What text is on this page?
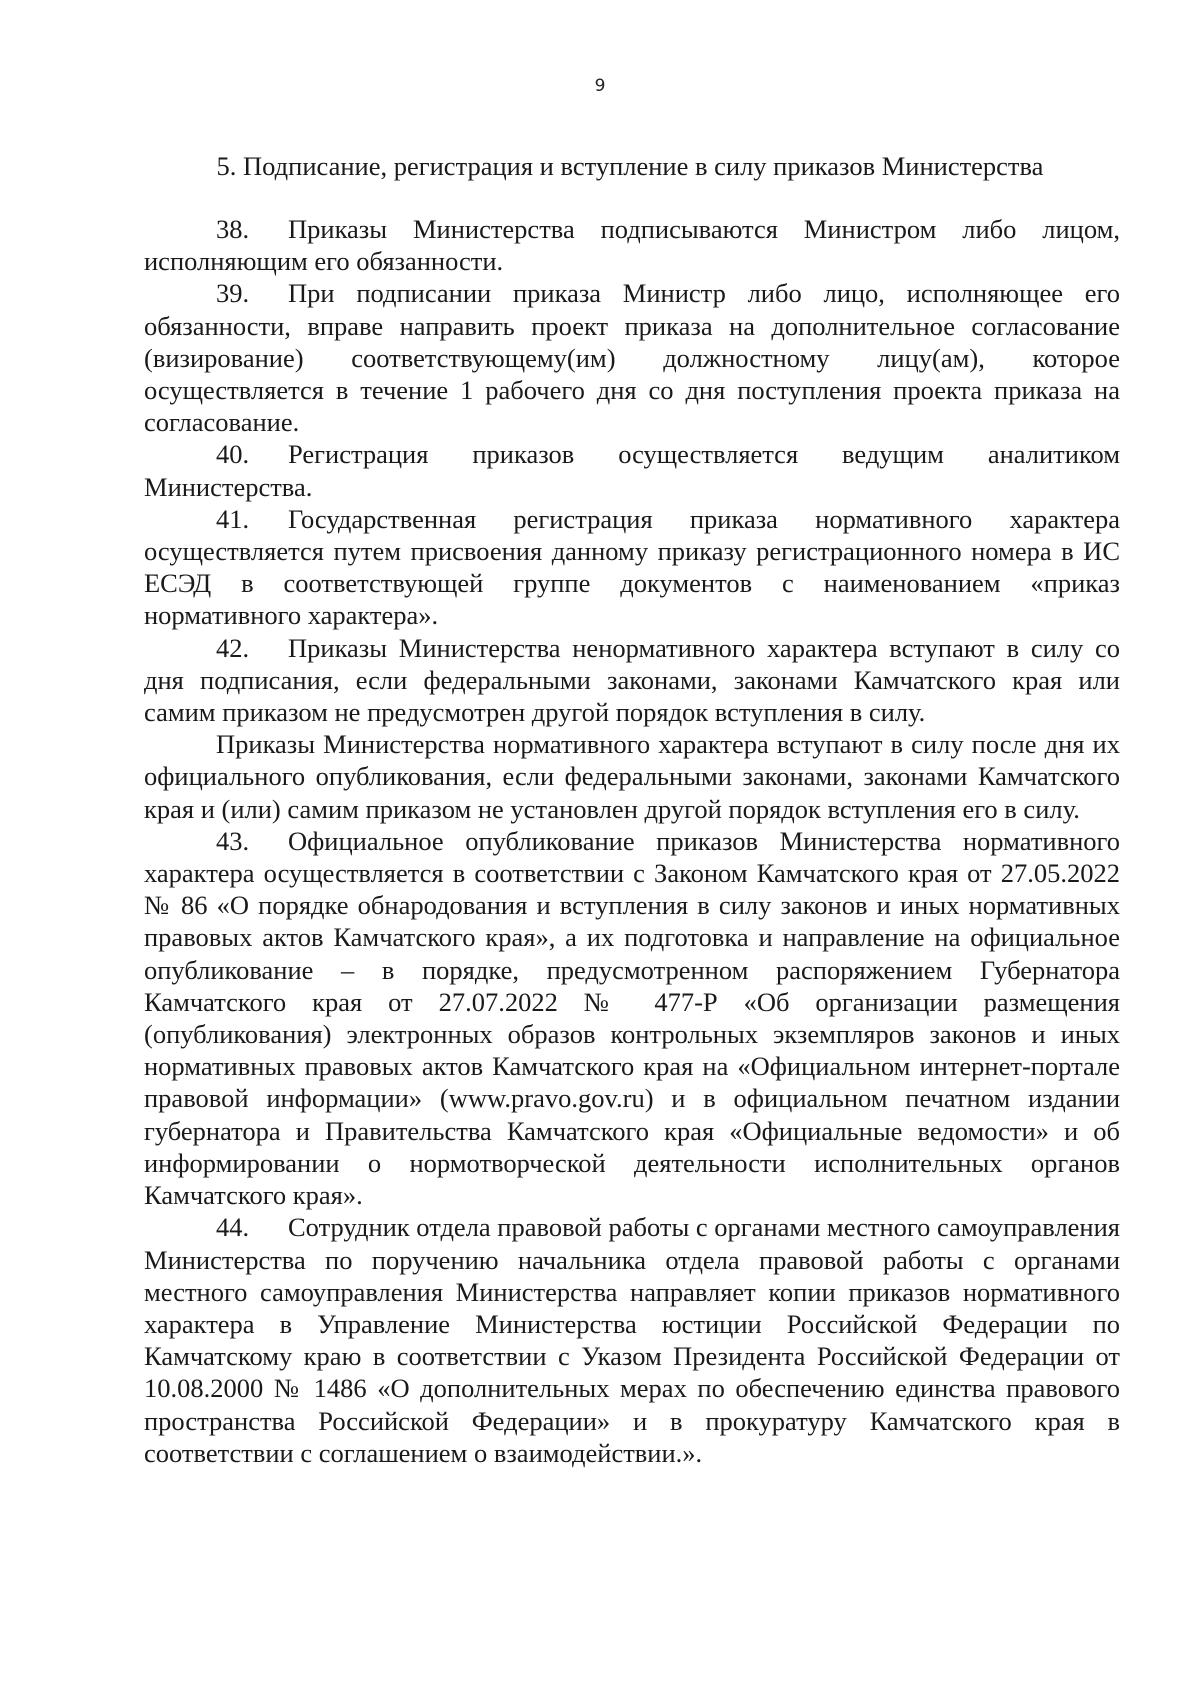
9
5. Подписание, регистрация и вступление в силу приказов Министерства

38. Приказы Министерства подписываются Министром либо лицом, исполняющим его обязанности.

39. При подписании приказа Министр либо лицо, исполняющее его обязанности, вправе направить проект приказа на дополнительное согласование (визирование) соответствующему(им) должностному лицу(ам), которое осуществляется в течение 1 рабочего дня со дня поступления проекта приказа на согласование.

40. Регистрация приказов осуществляется ведущим аналитиком Министерства.

41. Государственная регистрация приказа нормативного характера осуществляется путем присвоения данному приказу регистрационного номера в ИС ЕСЭД в соответствующей группе документов с наименованием «приказ нормативного характера».

42. Приказы Министерства ненормативного характера вступают в силу со дня подписания, если федеральными законами, законами Камчатского края или самим приказом не предусмотрен другой порядок вступления в силу.

Приказы Министерства нормативного характера вступают в силу после дня их официального опубликования, если федеральными законами, законами Камчатского края и (или) самим приказом не установлен другой порядок вступления его в силу.

43. Официальное опубликование приказов Министерства нормативного характера осуществляется в соответствии с Законом Камчатского края от 27.05.2022 № 86 «О порядке обнародования и вступления в силу законов и иных нормативных правовых актов Камчатского края», а их подготовка и направление на официальное опубликование – в порядке, предусмотренном распоряжением Губернатора Камчатского края от 27.07.2022 № 477-Р «Об организации размещения (опубликования) электронных образов контрольных экземпляров законов и иных нормативных правовых актов Камчатского края на «Официальном интернет-портале правовой информации» (www.pravo.gov.ru) и в официальном печатном издании губернатора и Правительства Камчатского края «Официальные ведомости» и об информировании о нормотворческой деятельности исполнительных органов Камчатского края».

44. Сотрудник отдела правовой работы с органами местного самоуправления Министерства по поручению начальника отдела правовой работы с органами местного самоуправления Министерства направляет копии приказов нормативного характера в Управление Министерства юстиции Российской Федерации по Камчатскому краю в соответствии с Указом Президента Российской Федерации от 10.08.2000 № 1486 «О дополнительных мерах по обеспечению единства правового пространства Российской Федерации» и в прокуратуру Камчатского края в соответствии с соглашением о взаимодействии.».
